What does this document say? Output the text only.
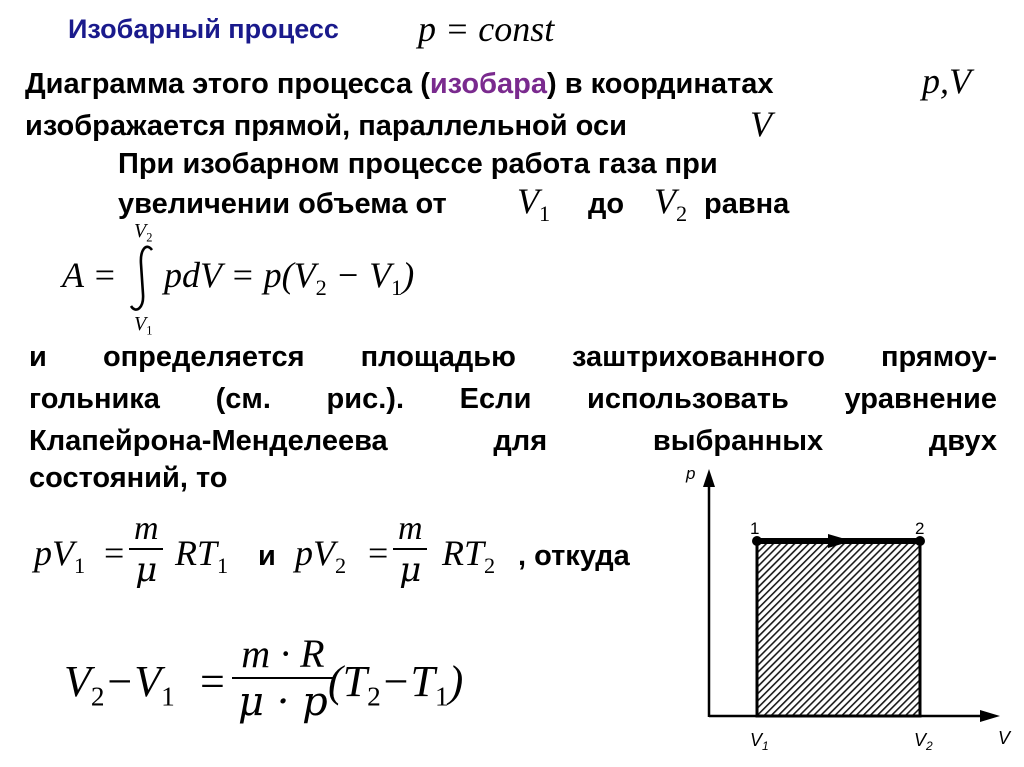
Изобарный процесс p = const
Диаграмма этого процесса (изобара) в координатах	p,V
изображается прямой, параллельной оси	V
При изобарном процессе работа газа при
увеличении объема от $V_1$ до $V_2$ равна
A =
$V_2$
$V_1$
pdV = $p(V_2 - V_1)$
и определяется площадью заштрихованного прямоу-
гольника (см. рис.). Если использовать уравнение
Клапейрона-Менделеева для выбранных двух
состояний, то
$pV_1 = \frac{m}{\mu} RT_1$ и $pV_2 = \frac{m}{\mu} RT_2$ , откуда
$V_2-V_1 = \frac{m \cdot R}{\mu \cdot p}$
$(T_2-T_1)$
p
V
1	2
$V_1$	$V_2$
